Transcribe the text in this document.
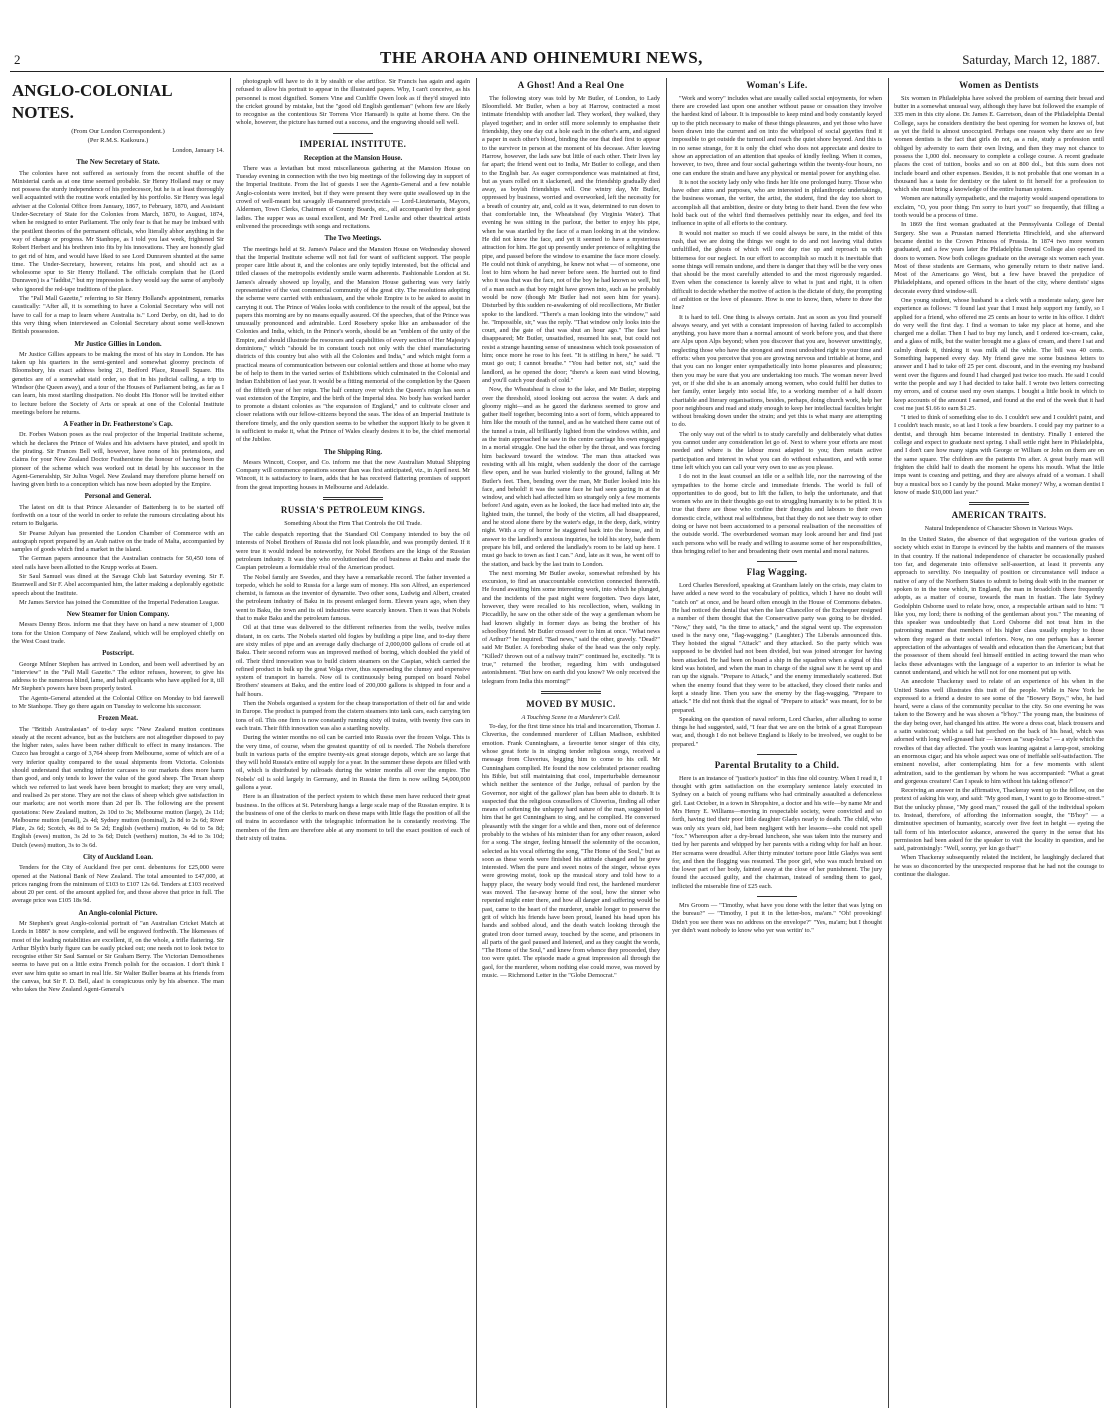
2	THE AROHA AND OHINEMURI NEWS,	Saturday, March 12, 1887.
ANGLO-COLONIAL NOTES.
(From Our London Correspondent.)
(Per R.M.S. Kaikoura.)
London, January 14.
The New Secretary of State.

The colonies have not suffered as seriously from the recent shuffle of the Ministerial cards as at one time seemed probable. Sir Henry Holland may or may not possess the sturdy independence of his predecessor, but he is at least thoroughly well acquainted with the routine work entailed by his portfolio. Sir Henry was legal adviser at the Colonial Office from January, 1867, to February, 1870, and Assistant Under-Secretary of State for the Colonies from March, 1870, to August, 1874, when he resigned to enter Parliament. The only fear is that he may be imbued with the pestilent theories of the permanent officials, who literally abhor anything in the way of change or progress. Mr Stanhope, as I told you last week, frightened Sir Robert Herbert and his brethren into fits by his innovations. They are honestly glad to get rid of him, and would have liked to see Lord Dunraven shunted at the same time. The Under-Secretary, however, retains his post, and should act as a wholesome spur to Sir Henry Holland. The officials complain that he (Lord Dunraven) is a "faddist," but my impression is they would say the same of anybody who ignored the red-tape traditions of the place.

The "Pall Mall Gazette," referring to Sir Henry Holland's appointment, remarks caustically: "After all, it is something to have a Colonial Secretary who will not have to call for a map to learn where Australia is." Lord Derby, on dit, had to do this very thing when interviewed as Colonial Secretary about some well-known British possession.

Mr Justice Gillies in London.

Mr Justice Gillies appears to be making the most of his stay in London. He has taken up his quarters in the semi-genteel and somewhat gloomy precincts of Bloomsbury, his exact address being 21, Bedford Place, Russell Square. His genetics are of a somewhat staid order, so that in his judicial calling, a trip to Windsor (the Queen away), and a tour of the Houses of Parliament being, as far as I can learn, his most startling dissipation. No doubt His Honor will be invited either to lecture before the Society of Arts or speak at one of the Colonial Institute meetings before he returns.

A Feather in Dr. Featherstone's Cap.

Dr. Forbes Watson poses as the real projector of the Imperial Institute scheme, which he declares the Prince of Wales and his advisers have pirated, and spoilt in the pirating. Sir Frances Bell will, however, have none of his pretensions, and claims for your New Zealand Doctor Featherstone the honour of having been the pioneer of the scheme which was worked out in detail by his successor in the Agent-Generalship, Sir Julius Vogel. New Zealand may therefore plume herself on having given birth to a conception which has now been adopted by the Empire.

Personal and General.

The latest on dit is that Prince Alexander of Battenberg is to be started off forthwith on a tour of the world in order to refute the rumours circulating about his return to Bulgaria.

Sir Pearse Julyan has presented the London Chamber of Commerce with an autograph report prepared by an Arab native on the trade of Malta, accompanied by samples of goods which find a market in the island.

The German papers announce that the Australian contracts for 50,450 tons of steel rails have been allotted to the Krupp works at Essen.

Sir Saul Samuel was dined at the Savage Club last Saturday evening. Sir F. Bramwell and Sir F. Abel accompanied him, the latter making a deplorably egotistic speech about the Institute.

Mr James Service has joined the Committee of the Imperial Federation League.

New Steamer for Union Company.

Messrs Denny Bros. inform me that they have on hand a new steamer of 1,000 tons for the Union Company of New Zealand, which will be employed chiefly on the West Coast trade.

Postscript.

George Milner Stephen has arrived in London, and been well advertised by an "interview" in the "Pall Mall Gazette." The editor refuses, however, to give his address to the numerous blind, lame, and halt applicants who have applied for it, till Mr Stephen's powers have been properly tested.

The Agents-General attended at the Colonial Office on Monday to bid farewell to Mr Stanhope. They go there again on Tuesday to welcome his successor.

Frozen Meat.

The "British Australasian" of to-day says: "New Zealand mutton continues steady at the recent advance, but as the butchers are not altogether disposed to pay the higher rates, sales have been rather difficult to effect in many instances. The Cuzco has brought a cargo of 3,764 sheep from Melbourne, some of which are of a very inferior quality compared to the usual shipments from Victoria. Colonists should understand that sending inferior carcases to our markets does more harm than good, and only tends to lower the value of the good sheep. The Texan sheep which we referred to last week have been brought to market; they are very small, and realised 2s per stone. They are not the class of sheep which give satisfaction in our markets; are not worth more than 2d per lb. The following are the present quotations: New Zealand mutton, 2s 10d to 3s; Melbourne mutton (large), 2s 11d; Melbourne mutton (small), 2s 4d; Sydney mutton (nominal), 2s 8d to 2s 6d; River Plate, 2s 6d; Scotch, 4s 8d to 5s 2d; English (wethers) mutton, 4s 6d to 5s 8d; English (ewes) mutton, 3s 2d to 3s 6d; Dutch (wethers) mutton, 3s 4d to 3s 10d; Dutch (ewes) mutton, 3s to 3s 6d.

City of Auckland Loan.

Tenders for the City of Auckland five per cent. debentures for £25,000 were opened at the National Bank of New Zealand. The total amounted to £47,000, at prices ranging from the minimum of £103 to £107 12s 6d. Tenders at £103 received about 20 per cent. of the amount applied for, and those above that price in full. The average price was £105 18s 9d.

An Anglo-colonial Picture.

Mr Stephen's great Anglo-colonial portrait of "an Australian Cricket Match at Lords in 1886" is now complete, and will be engraved forthwith. The likenesses of most of the leading notabilities are excellent, if, on the whole, a trifle flattering. Sir Arthur Blyth's burly figure can be easily picked out; one needs not to look twice to recognise either Sir Saul Samuel or Sir Graham Berry. The Victorian Demosthenes seems to have put on a little extra French polish for the occasion. I don't think I ever saw him quite so smart in real life. Sir Walter Buller beams at his friends from the canvas, but Sir F. D. Bell, alas! is conspicuous only by his absence. The man who takes the New Zealand Agent-General's

photograph will have to do it by stealth or else artifice. Sir Francis has again and again refused to allow his portrait to appear in the illustrated papers. Why, I can't conceive, as his personnel is most dignified. Somers Vine and Cunliffe Owen look as if they'd strayed into the cricket ground by mistake, but the "good old English gentleman" (whom few are likely to recognise as the contentious Sir Torrens Vice Hansard) is quite at home there. On the whole, however, the picture has turned out a success, and the engraving should sell well.

IMPERIAL INSTITUTE.
Reception at the Mansion House.

There was a leviathan but most miscellaneous gathering at the Mansion House on Tuesday evening in connection with the two big meetings of the following day in support of the Imperial Institute. From the list of guests I see the Agents-General and a few notable Anglo-colonists were invited, but if they were present they were quite swallowed up in the crowd of well-meant but savagely ill-mannered provincials — Lord-Lieutenants, Mayors, Aldermen, Town Clerks, Chairmen of County Boards, etc., all accompanied by their good ladies. The supper was as usual excellent, and Mr Fred Leslie and other theatrical artists enlivened the proceedings with songs and recitations.

The Two Meetings.

The meetings held at St. James's Palace and the Mansion House on Wednesday showed that the Imperial Institute scheme will not fail for want of sufficient support. The people proper care little about it, and the colonies are only tepidly interested, but the official and titled classes of the metropolis evidently smile warm adherents. Fashionable London at St. James's already showed up loyally, and the Mansion House gathering was very fairly representative of the vast commercial community of the great city. The resolutions adopting the scheme were carried with enthusiasm, and the whole Empire is to be asked to assist in carrying it out. The Prince of Wales looks with confidence to the result of the appeal, but the papers this morning are by no means equally assured. Of the speeches, that of the Prince was unusually pronounced and admirable. Lord Rosebery spoke like an ambassador of the Colonies and India, which, in the Prince's words, should be an "emblem of the unity of the Empire, and should illustrate the resources and capabilities of every section of Her Majesty's dominions," which "should be in constant touch not only with the chief manufacturing districts of this country but also with all the Colonies and India," and which might form a practical means of communication between our colonial settlers and those at home who may be of help to them in the varied series of Exhibitions which culminated in the Colonial and Indian Exhibition of last year. It would be a fitting memorial of the completion by the Queen of the fiftieth year of her reign. The half century over which the Queen's reign has seen a vast extension of the Empire, and the birth of the Imperial idea. No body has worked harder to promote a distant colonies as "the expansion of England," and to cultivate closer and closer relations with our fellow-citizens beyond the seas. The idea of an Imperial Institute is therefore timely, and the only question seems to be whether the support likely to be given it is sufficient to make it, what the Prince of Wales clearly desires it to be, the chief memorial of the Jubilee.

The Shipping Ring.

Messrs Wincott, Cooper, and Co. inform me that the new Australian Mutual Shipping Company will commence operations sooner than was first anticipated, viz., in April next. Mr Wincott, it is satisfactory to learn, adds that he has received flattering promises of support from the great importing houses in Melbourne and Adelaide.

RUSSIA'S PETROLEUM KINGS.
Something About the Firm That Controls the Oil Trade.

The cable despatch reporting that the Standard Oil Company intended to buy the oil interests of Nobel Brothers of Russia did not look plausible, and was promptly denied. If it were true it would indeed be noteworthy, for Nobel Brothers are the kings of the Russian petroleum industry. It was they who revolutionised the oil business at Baku and made the Caspian petroleum a formidable rival of the American product.

The Nobel family are Swedes, and they have a remarkable record. The father invented a torpedo, which he sold to Russia for a large sum of money. His son Alfred, an experienced chemist, is famous as the inventor of dynamite. Two other sons, Ludwig and Albert, created the petroleum industry of Baku in its present enlarged form. Eleven years ago, when they went to Baku, the town and its oil industries were scarcely known. Then it was that Nobels that to make Baku and the petroleum famous.

Oil at that time was delivered to the different refineries from the wells, twelve miles distant, in ox carts. The Nobels started old fogies by building a pipe line, and to-day there are sixty miles of pipe and an average daily discharge of 2,000,000 gallons of crude oil at Baku. Their second reform was an improved method of boring, which doubled the yield of oil. Their third innovation was to build cistern steamers on the Caspian, which carried the refined product in bulk up the great Volga river, thus superseding the clumsy and expensive system of transport in barrels. Now oil is continuously being pumped on board Nobel Brothers' steamers at Baku, and the entire load of 200,000 gallons is shipped in four and a half hours.

Then the Nobels organised a system for the cheap transportation of their oil far and wide in Europe. The product is pumped from the cistern steamers into tank cars, each carrying ten tons of oil. This one firm is now constantly running sixty oil trains, with twenty five cars in each train. Their fifth innovation was also a startling novelty.

During the winter months no oil can be carried into Russia over the frozen Volga. This is the very time, of course, when the greatest quantity of oil is needed. The Nobels therefore built in various parts of the empire twenty-six great storage depots, which are so large that they will hold Russia's entire oil supply for a year. In the summer these depots are filled with oil, which is distributed by railroads during the winter months all over the empire. The Nobels' oil is sold largely in Germany, and in Russia the firm is now selling 54,000,000 gallons a year.

Here is an illustration of the perfect system to which these men have reduced their great business. In the offices at St. Petersburg hangs a large scale map of the Russian empire. It is the business of one of the clerks to mark on these maps with little flags the position of all the oil trains in accordance with the telegraphic information he is constantly receiving. The members of the firm are therefore able at any moment to tell the exact position of each of their sixty oil trains.

A Ghost! And a Real One

The following story was told by Mr Butler, of London, to Lady Bloomfield. Mr Butler, when a boy at Harrow, contracted a most intimate friendship with another lad. They worked, they walked, they played together; and in order still more solemnly to emphasise their friendship, they one day cut a hole each in the other's arm, and signed a paper in each other's blood, binding the one that died first to appear to the survivor in person at the moment of his decease. After leaving Harrow, however, the lads saw but little of each other. Their lives lay far apart; the friend went out to India, Mr Butler to college, and then to the English bar. As eager correspondence was maintained at first, but as years rolled on it slackened, and the friendship gradually died away, as boyish friendships will. One wintry day, Mr Butler, oppressed by business, worried and overworked, left the necessity for a breath of country air, and, cold as it was, determined to run down to that comfortable inn, the Wheatsheaf (by Virginia Water). That evening he was sitting in the parlour, the better to enjoy his pipe, when he was startled by the face of a man looking in at the window. He did not know the face, and yet it seemed to have a mysterious attraction for him. He got up presently under pretence of relighting the pipe, and passed before the window to examine the face more closely. He could not think of anything, he knew not what — of someone, one lost to him whom he had never before seen. He hurried out to find who it was that was the face, not of the boy he had known so well, but of a man such as that boy might have grown into, such as he probably would be now (though Mr Butler had not seen him for years). Disturbed by this sudden re-awakening of old recollections, Mr Butler spoke to the landlord. "There's a man looking into the window," said he. "Impossible, sir," was the reply. "That window only looks into the court, and the gate of that was shut an hour ago." The face had disappeared; Mr Butler, unsatisfied, resumed his seat, but could not resist a strange haunting sense of uneasiness which took possession of him; once more he rose to his feet. "It is stifling in here," he said. "I must go out; I cannot breathe." "You had better not, sir," said the landlord, as he opened the door; "there's a keen east wind blowing, and you'll catch your death of cold."

Now, the Wheatsheaf is close to the lake, and Mr Butler, stepping over the threshold, stood looking out across the water. A dark and gloomy night—and as he gazed the darkness seemed to grow and gather itself together, becoming into a sort of form, which appeared to him like the mouth of the tunnel, and as he watched there came out of the tunnel a train, all brilliantly lighted from the windows within, and as the train approached he saw in the centre carriage his own engaged in a mortal struggle. One had the other by the throat, and was forcing him backward toward the window. The man thus attacked was resisting with all his might, when suddenly the door of the carriage flew open, and he was hurled violently to the ground, falling at Mr Butler's feet. Then, bending over the man, Mr Butler looked into his face, and behold! it was the same face he had seen gazing in at the window, and which had affected him so strangely only a few moments before! And again, even as he looked, the face had melted into air, the lighted train, the tunnel, the body of the victim, all had disappeared, and he stood alone there by the water's edge, in the deep, dark, wintry night. With a cry of horror he staggered back into the house, and in answer to the landlord's anxious inquiries, he told his story, bade them prepare his bill, and ordered the landlady's room to be laid up here. I must go back to town as fast I can." And, late as it was, he went off to the station, and back by the last train to London.

The next morning Mr Butler awoke, somewhat refreshed by his excursion, to find an unaccountable conviction connected therewith. He found awaiting him some interesting work, into which he plunged, and the incidents of the past night were forgotten. Two days later, however, they were recalled to his recollection, when, walking in Piccadilly, he saw on the other side of the way a gentleman whom he had known slightly in former days as being the brother of his schoolboy friend. Mr Butler crossed over to him at once. "What news of Arthur?" he inquired. "Bad news," said the other, gravely. "Dead?" said Mr Butler. A foreboding shake of the head was the only reply. "Killed? thrown out of a railway train?" continued he, excitedly. "It is true," returned the brother, regarding him with undisguised astonishment. "But how on earth did you know? We only received the telegram from India this morning!"

MOVED BY MUSIC.
A Touching Scene in a Murderer's Cell.

To-day, for the first time since his trial and incarceration, Thomas J. Cluverius, the condemned murderer of Lillian Madison, exhibited emotion. Frank Cunningham, a favourite tenor singer of this city, whose great forte is in singing tender religious songs, received a message from Cluverius, begging him to come to his cell. Mr Cunningham complied. He found the now celebrated prisoner reading his Bible, but still maintaining that cool, imperturbable demeanour which neither the sentence of the Judge, refusal of pardon by the Governor, nor sight of the gallows' plan has been able to disturb. It is suspected that the religious counsellors of Cluverius, finding all other means of softening the unhappy hard nature of the man, suggested to him that he get Cunningham to sing, and he complied. He conversed pleasantly with the singer for a while and then, more out of deference probably to the wishes of his minister than for any other reason, asked for a song. The singer, feeling himself the solemnity of the occasion, selected as his vocal offering the song, "The Home of the Soul," but as soon as these words were finished his attitude changed and he grew interested. When the pure and sweet notes of the singer, whose eyes were growing moist, took up the musical story and told how to a happy place, the weary body would find rest, the hardened murderer was moved. The far-away home of the soul, how the sinner who repented might enter there, and how all danger and suffering would be past, came to the heart of the murderer, unable longer to preserve the grit of which his friends have been proud, leaned his head upon his hands and sobbed aloud, and the death watch looking through the grated iron door turned away, touched by the scene, and prisoners in all parts of the gaol paused and listened, and as they caught the words, "The Home of the Soul," and knew from whence they proceeded, they too were quiet. The episode made a great impression all through the gaol, for the murderer, whom nothing else could move, was moved by music. — Richmond Letter in the "Globe Democrat."

Woman's Life.

"Work and worry" includes what are usually called social enjoyments, for when there are crowded last upon one another without pause or cessation they involve the hardest kind of labour. It is impossible to keep mind and body constantly keyed up to the pitch necessary to make of these things pleasures, and yet those who have been drawn into the current and on into the whirlpool of social gayeties find it impossible to get outside the turmoil and reach the quiet shore beyond. And this is in no sense strange, for it is only the chief who does not appreciate and desire to show an appreciation of an attention that speaks of kindly feeling. When it comes, however, to two, three and four social gatherings within the twenty-four hours, no one can endure the strain and have any physical or mental power for anything else.

It is not the society lady only who finds her life one prolonged hurry. Those who have other aims and purposes, who are interested in philanthropic undertakings, the business woman, the writer, the artist, the student, find the day too short to accomplish all that ambition, desire or duty bring to their hand. Even the few who hold back out of the whirl find themselves pettishly near its edges, and feel its influence in spite of all efforts to the contrary.

It would not matter so much if we could always be sure, in the midst of this rush, that we are doing the things we ought to do and not leaving vital duties unfulfilled, the ghosts of which will one day rise up and reproach us with bitterness for our neglect. In our effort to accomplish so much it is inevitable that some things will remain undone, and there is danger that they will be the very ones that should be the most carefully attended to and the most rigorously regarded. Even when the conscience is keenly alive to what is just and right, it is often difficult to decide whether the motive of action is the dictate of duty, the prompting of ambition or the love of pleasure. How is one to know, then, where to draw the line?

It is hard to tell. One thing is always certain. Just as soon as you find yourself always weary, and yet with a constant impression of having failed to accomplish anything, you have more than a normal amount of work before you, and that there are Alps upon Alps beyond; when you discover that you are, however unwittingly, neglecting those who have the strongest and most undoubted right to your time and efforts: when you perceive that you are growing nervous and irritable at home, and that you can no longer enter sympathetically into home pleasures and pleasures; then you may be sure that you are undertaking too much. The woman never lived yet, or if she did she is an anomaly among women, who could fulfil her duties to her family, enter largely into social life, to a working member of a half dozen charitable and literary organisations, besides, perhaps, doing church work, help her poor neighbours and read and study enough to keep her intellectual faculties bright without breaking down under the strain; and yet this is what many are attempting to do.

The only way out of the whirl is to study carefully and deliberately what duties you cannot under any consideration let go of. Next to where your efforts are most needed and where is the labour most adapted to you; then retain active participation and interest in what you can do without exhaustion, and with some time left which you can call your very own to use as you please.

I do not in the least counsel an idle or a selfish life, nor the narrowing of the sympathies to the home circle and immediate friends. The world is full of opportunities to do good, but to lift the fallen, to help the unfortunate, and that women who are in their thoughts go out to struggling humanity is to be pitied. It is true that there are those who confine their thoughts and labours to their own domestic circle, without real selfishness, but that they do not see their way to other doing or have not been accustomed to a personal realisation of the necessities of the outside world. The overburdened woman may look around her and find just such persons who will be ready and willing to assume some of her responsibilities, thus bringing relief to her and broadening their own mental and moral natures.

Flag Wagging.

Lord Charles Beresford, speaking at Grantham lately on the crisis, may claim to have added a new word to the vocabulary of politics, which I have no doubt will "catch on" at once, and be heard often enough in the House of Commons debates. He had noticed the denial that when the late Chancellor of the Exchequer resigned a number of them thought that the Conservative party was going to be divided. "Now," they said, "is the time to attack," and the signal went up. The expression used is the navy one, "flag-wagging." (Laughter.) The Liberals announced this. They hoisted the signal "Attack" and they attacked. So the party which was supposed to be divided had not been divided, but was joined stronger for having been attacked. He had been on board a ship in the squadron when a signal of this kind was hoisted, and when the man in charge of the signal saw it he went up and ran up the signals. "Prepare to Attack," and the enemy immediately scattered. But when the enemy found that they were to be attacked, they closed their ranks and kept a steady line. Then you saw the enemy by the flag-wagging, "Prepare to attack." He did not think that the signal of "Prepare to attack" was meant, for to be prepared.

Speaking on the question of naval reform, Lord Charles, after alluding to some things he had suggested, said, "I fear that we are on the brink of a great European war, and, though I do not believe England is likely to be involved, we ought to be prepared."

Parental Brutality to a Child.

Here is an instance of "justice's justice" in this fine old country. When I read it, I thought with grim satisfaction on the exemplary sentence lately executed in Sydney on a batch of young ruffians who had criminally assaulted a defenceless girl. Last October, in a town in Shropshire, a doctor and his wife—by name Mr and Mrs Henry E. Williams—moving in respectable society, were convicted and so forth, having tied their poor little daughter Gladys nearly to death. The child, who was only six years old, had been negligent with her lessons—she could not spell "fox." Whereupon after a dry-bread luncheon, she was taken into the nursery and tied by her parents and whipped by her parents with a riding whip for half an hour. Her screams were dreadful. After thirty minutes' torture poor little Gladys was sent for, and then the flogging was resumed. The poor girl, who was much bruised on the lower part of her body, fainted away at the close of her punishment. The jury found the accused guilty, and the chairman, instead of sending them to gaol, inflicted the miserable fine of £25 each.

Mrs Groom — "Timothy, what have you done with the letter that was lying on the bureau?" — "Timothy, I put it in the letter-box, ma'am." "Oh! provoking! Didn't you see there was no address on the envelope?" "Yes, ma'am; but I thought yer didn't want nobody to know who yer was writin' to."

Women as Dentists

Six women in Philadelphia have solved the problem of earning their bread and butter in a somewhat unusual way, although they have but followed the example of 335 men in this city alone. Dr. James E. Garretson, dean of the Philadelphia Dental College, says he considers dentistry the best opening for women he knows of, but as yet the field is almost unoccupied. Perhaps one reason why there are so few women dentists is the fact that girls do not, as a rule, study a profession until obliged by adversity to earn their own living, and then they may not chance to possess the 1,000 dol. necessary to complete a college course. A recent graduate places the cost of tuition, books and so on at 800 dol., but this sum does not include board and other expenses. Besides, it is not probable that one woman in a thousand has a taste for dentistry or the talent to fit herself for a profession to which she must bring a knowledge of the entire human system.

Women are naturally sympathetic, and the majority would suspend operations to exclaim, "O, you poor thing; I'm sorry to hurt you!" so frequently, that filling a tooth would be a process of time.

In 1869 the first woman graduated at the Pennsylvania College of Dental Surgery. She was a Prussian named Henrietta Hirschfeld, and she afterward became dentist to the Crown Princess of Prussia. In 1874 two more women graduated, and a few years later the Philadelphia Dental College also opened its doors to women. Now both colleges graduate on the average six women each year. Most of these students are Germans, who generally return to their native land. Most of the Americans go West, but a few have braved the prejudice of Philadelphians, and opened offices in the heart of the city, where dentists' signs decorate every third window-sill.

One young student, whose husband is a clerk with a moderate salary, gave her experience as follows: "I found last year that I must help support my family, so I applied for a friend, who offered me 25 cents an hour to write in his office. I didn't do very well the first day. I find a woman to take my place at home, and she charged me a dollar. Then I had to buy my lunch, and I ordered ice-cream, cake, and a glass of milk, but the waiter brought me a glass of cream, and there I sat and calmly drank it, thinking it was milk all the while. The bill was 40 cents. Something happened every day. My friend gave me some business letters to answer and I had to take off 25 per cent. discount, and in the evening my husband went over the figures and found I had charged just twice too much. He said I could write the people and say I had decided to take half. I wrote two letters correcting my errors, and of course used my own stamps. I bought a little book in which to keep accounts of the amount I earned, and found at the end of the week that it had cost me just $1.66 to earn $1.25.

"I tried to think of something else to do. I couldn't sew and I couldn't paint, and I couldn't teach music, so at last I took a few boarders. I could pay my partner to a dentist, and through him became interested in dentistry. Finally I entered the college and expect to graduate next spring. I shall settle right here in Philadelphia, and I don't care how many signs with George or William or John on them are on the same square. The children are the patients I'm after. A great burly man will frighten the child half to death the moment he opens his mouth. What the little imps want is coaxing and petting, and they are always afraid of a woman. I shall buy a musical box so I candy by the pound. Make money? Why, a woman dentist I know of made $10,000 last year."

AMERICAN TRAITS.
Natural Independence of Character Shown in Various Ways.

In the United States, the absence of that segregation of the various grades of society which exist in Europe is evinced by the habits and manners of the masses in that country. If the national independence of character be occasionally pushed too far, and degenerate into offensive self-assertion, at least it prevents any approach to servility. No inequality of position or circumstance will induce a native of any of the Northern States to submit to being dealt with in the manner or spoken to in the tone which, in England, the man in broadcloth there frequently adopts, as a matter of course, towards the man in fustian. The late Sydney Godolphin Osborne used to relate how, once, a respectable artisan said to him: "I like you, my lord; there is nothing of the gentleman about you." The meaning of this speaker was undoubtedly that Lord Osborne did not treat him in the patronising manner that members of his higher class usually employ to those whom they regard as their social inferiors. Now, no one perhaps has a keener appreciation of the advantages of wealth and education than the American; but that the possessor of them should feel himself entitled in acting toward the man who lacks these advantages with the language of a superior to an inferior is what he cannot understand, and which he will not for one moment put up with.

An anecdote Thackeray used to relate of an experience of his when in the United States well illustrates this trait of the people. While in New York he expressed to a friend a desire to see some of the "Bowery Boys," who, he had heard, were a class of the community peculiar to the city. So one evening he was taken to the Bowery and he was shown a "b'hoy." The young man, the business of the day being over, had changed his attire. He wore a dress coat, black trousers and a satin waistcoat; whilst a tall hat perched on the back of his head, which was adorned with long well-greased hair — known as "soap-locks" — a style which the rowdies of that day affected. The youth was leaning against a lamp-post, smoking an enormous cigar; and his whole aspect was one of ineffable self-satisfaction. The eminent novelist, after contemplating him for a few moments with silent admiration, said to the gentleman by whom he was accompanied: "What a great and gorgeous creature! Can I speak to him without his taking offence?"

Receiving an answer in the affirmative, Thackeray went up to the fellow, on the pretext of asking his way, and said: "My good man, I want to go to Broome-street." But the unlucky phrase, "My good man," roused the gall of the individual spoken to. Instead, therefore, of affording the information sought, the "B'hoy" — a diminutive specimen of humanity, scarcely over five feet in height — eyeing the tall form of his interlocutor askance, answered the query in the sense that his permission had been asked for the speaker to visit the locality in question, and he said, patronisingly: "Well, sonny, yer kin go thar!"

When Thackeray subsequently related the incident, he laughingly declared that he was so disconcerted by the unexpected response that he had not the courage to continue the dialogue.
